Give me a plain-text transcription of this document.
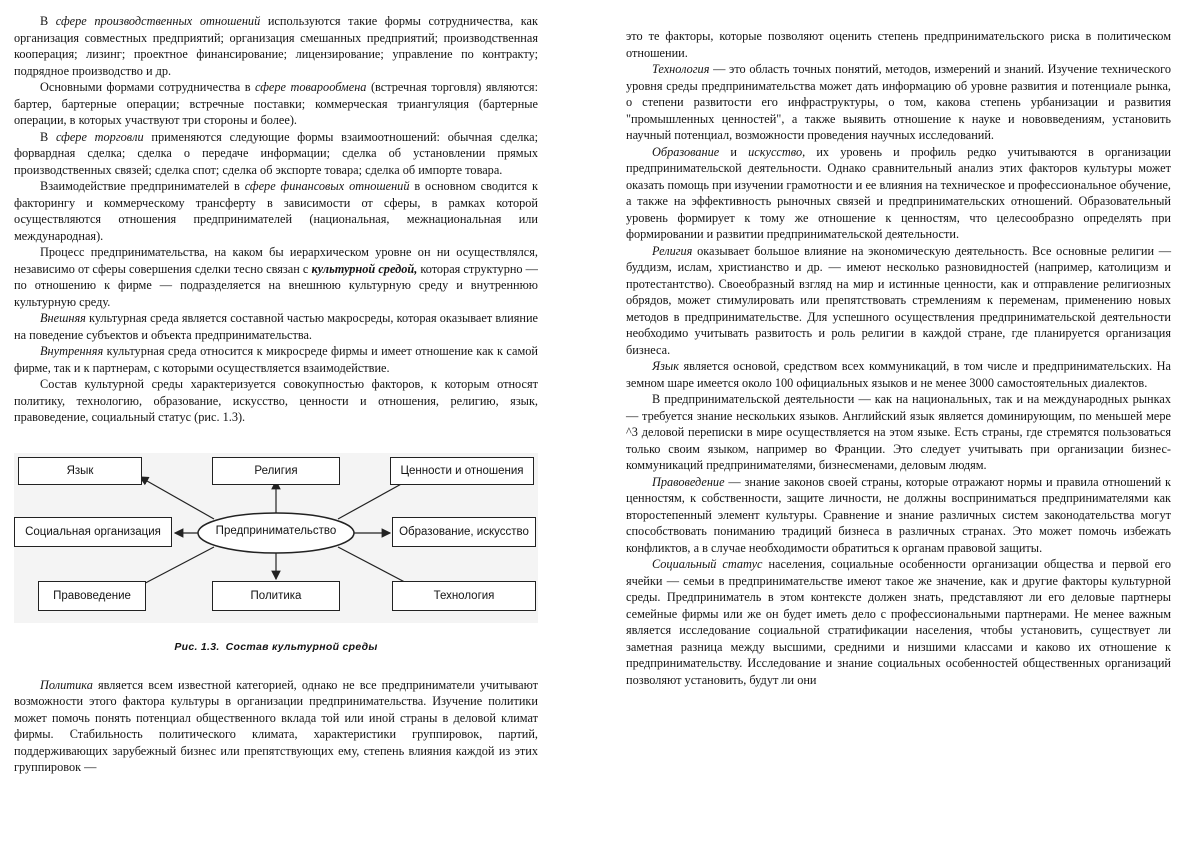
В сфере производственных отношений используются такие формы сотрудничества, как организация совместных предприятий; организация смешанных предприятий; производственная кооперация; лизинг; проектное финансирование; лицензирование; управление по контракту; подрядное производство и др.

Основными формами сотрудничества в сфере товарообмена (встречная торговля) являются: бартер, бартерные операции; встречные поставки; коммерческая триангуляция (бартерные операции, в которых участвуют три стороны и более).

В сфере торговли применяются следующие формы взаимоотношений: обычная сделка; форвардная сделка; сделка о передаче информации; сделка об установлении прямых производственных связей; сделка спот; сделка об экспорте товара; сделка об импорте товара.

Взаимодействие предпринимателей в сфере финансовых отношений в основном сводится к факторингу и коммерческому трансферту в зависимости от сферы, в рамках которой осуществляются отношения предпринимателей (национальная, межнациональная или международная).

Процесс предпринимательства, на каком бы иерархическом уровне он ни осуществлялся, независимо от сферы совершения сделки тесно связан с культурной средой, которая структурно — по отношению к фирме — подразделяется на внешнюю культурную среду и внутреннюю культурную среду.

Внешняя культурная среда является составной частью макросреды, которая оказывает влияние на поведение субъектов и объекта предпринимательства.

Внутренняя культурная среда относится к микросреде фирмы и имеет отношение как к самой фирме, так и к партнерам, с которыми осуществляется взаимодействие.

Состав культурной среды характеризуется совокупностью факторов, к которым относят политику, технологию, образование, искусство, ценности и отношения, религию, язык, правоведение, социальный статус (рис. 1.3).

Язык	Религия	Ценности и отношения
Социальная организация	Образование, искусство
Правоведение	Политика	Технология
Предпринимательство
Рис. 1.3. Состав культурной среды

Политика является всем известной категорией, однако не все предприниматели учитывают возможности этого фактора культуры в организации предпринимательства. Изучение политики может помочь понять потенциал общественного вклада той или иной страны в деловой климат фирмы. Стабильность политического климата, характеристики группировок, партий, поддерживающих зарубежный бизнес или препятствующих ему, степень влияния каждой из этих группировок —

это те факторы, которые позволяют оценить степень предпринимательского риска в политическом отношении.

Технология — это область точных понятий, методов, измерений и знаний. Изучение технического уровня среды предпринимательства может дать информацию об уровне развития и потенциале рынка, о степени развитости его инфраструктуры, о том, какова степень урбанизации и развития "промышленных ценностей", а также выявить отношение к науке и нововведениям, установить научный потенциал, возможности проведения научных исследований.

Образование и искусство, их уровень и профиль редко учитываются в организации предпринимательской деятельности. Однако сравнительный анализ этих факторов культуры может оказать помощь при изучении грамотности и ее влияния на техническое и профессиональное обучение, а также на эффективность рыночных связей и предпринимательских отношений. Образовательный уровень формирует к тому же отношение к ценностям, что целесообразно определять при формировании и развитии предпринимательской деятельности.

Религия оказывает большое влияние на экономическую деятельность. Все основные религии — буддизм, ислам, христианство и др. — имеют несколько разновидностей (например, католицизм и протестантство). Своеобразный взгляд на мир и истинные ценности, как и отправление религиозных обрядов, может стимулировать или препятствовать стремлениям к переменам, применению новых методов в предпринимательстве. Для успешного осуществления предпринимательской деятельности необходимо учитывать развитость и роль религии в каждой стране, где планируется организация бизнеса.

Язык является основой, средством всех коммуникаций, в том числе и предпринимательских. На земном шаре имеется около 100 официальных языков и не менее 3000 самостоятельных диалектов.

В предпринимательской деятельности — как на национальных, так и на международных рынках — требуется знание нескольких языков. Английский язык является доминирующим, по меньшей мере ^3 деловой переписки в мире осуществляется на этом языке. Есть страны, где стремятся пользоваться только своим языком, например во Франции. Это следует учитывать при организации бизнес-коммуникаций предпринимателями, бизнесменами, деловым людям.

Правоведение — знание законов своей страны, которые отражают нормы и правила отношений к ценностям, к собственности, защите личности, не должны восприниматься предпринимателями как второстепенный элемент культуры. Сравнение и знание различных систем законодательства могут способствовать пониманию традиций бизнеса в различных странах. Это может помочь избежать конфликтов, а в случае необходимости обратиться к органам правовой защиты.

Социальный статус населения, социальные особенности организации общества и первой его ячейки — семьи в предпринимательстве имеют такое же значение, как и другие факторы культурной среды. Предприниматель в этом контексте должен знать, представляют ли его деловые партнеры семейные фирмы или же он будет иметь дело с профессиональными партнерами. Не менее важным является исследование социальной стратификации населения, чтобы установить, существует ли заметная разница между высшими, средними и низшими классами и каково их отношение к предпринимательству. Исследование и знание социальных особенностей общественных организаций позволяют установить, будут ли они
